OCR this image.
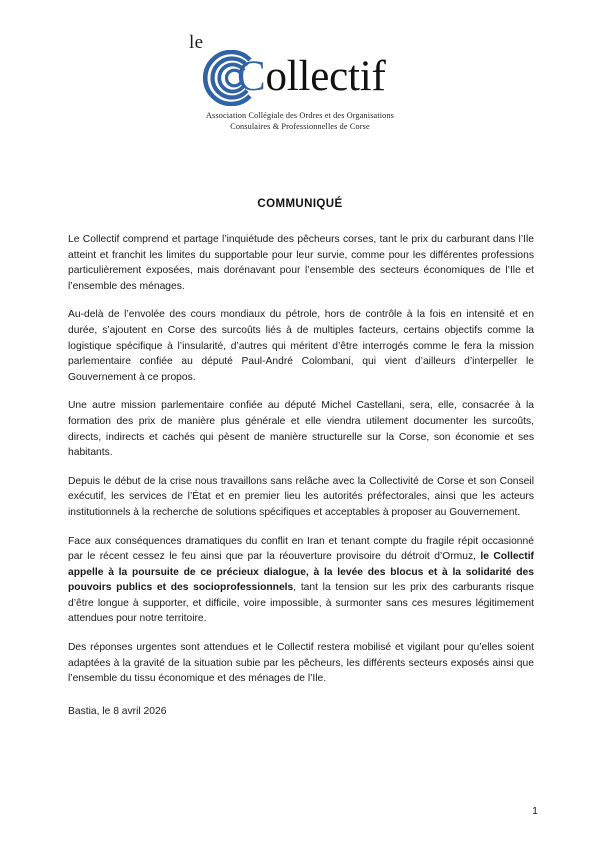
le
Collectif
Association Collégiale des Ordres et des Organisations
Consulaires & Professionnelles de Corse
COMMUNIQUÉ

Le Collectif comprend et partage l’inquiétude des pêcheurs corses, tant le prix du carburant dans l’Ile atteint et franchit les limites du supportable pour leur survie, comme pour les différentes professions particulièrement exposées, mais dorénavant pour l’ensemble des secteurs économiques de l’Ile et l’ensemble des ménages.

Au-delà de l’envolée des cours mondiaux du pétrole, hors de contrôle à la fois en intensité et en durée, s’ajoutent en Corse des surcoûts liés à de multiples facteurs, certains objectifs comme la logistique spécifique à l’insularité, d’autres qui méritent d’être interrogés comme le fera la mission parlementaire confiée au député Paul-André Colombani, qui vient d’ailleurs d’interpeller le Gouvernement à ce propos.

Une autre mission parlementaire confiée au député Michel Castellani, sera, elle, consacrée à la formation des prix de manière plus générale et elle viendra utilement documenter les surcoûts, directs, indirects et cachés qui pèsent de manière structurelle sur la Corse, son économie et ses habitants.

Depuis le début de la crise nous travaillons sans relâche avec la Collectivité de Corse et son Conseil exécutif, les services de l’État et en premier lieu les autorités préfectorales, ainsi que les acteurs institutionnels à la recherche de solutions spécifiques et acceptables à proposer au Gouvernement.

Face aux conséquences dramatiques du conflit en Iran et tenant compte du fragile répit occasionné par le récent cessez le feu ainsi que par la réouverture provisoire du détroit d’Ormuz, le Collectif appelle à la poursuite de ce précieux dialogue, à la levée des blocus et à la solidarité des pouvoirs publics et des socioprofessionnels, tant la tension sur les prix des carburants risque d’être longue à supporter, et difficile, voire impossible, à surmonter sans ces mesures légitimement attendues pour notre territoire.

Des réponses urgentes sont attendues et le Collectif restera mobilisé et vigilant pour qu’elles soient adaptées à la gravité de la situation subie par les pêcheurs, les différents secteurs exposés ainsi que l’ensemble du tissu économique et des ménages de l’Ile.

Bastia, le 8 avril 2026
1
